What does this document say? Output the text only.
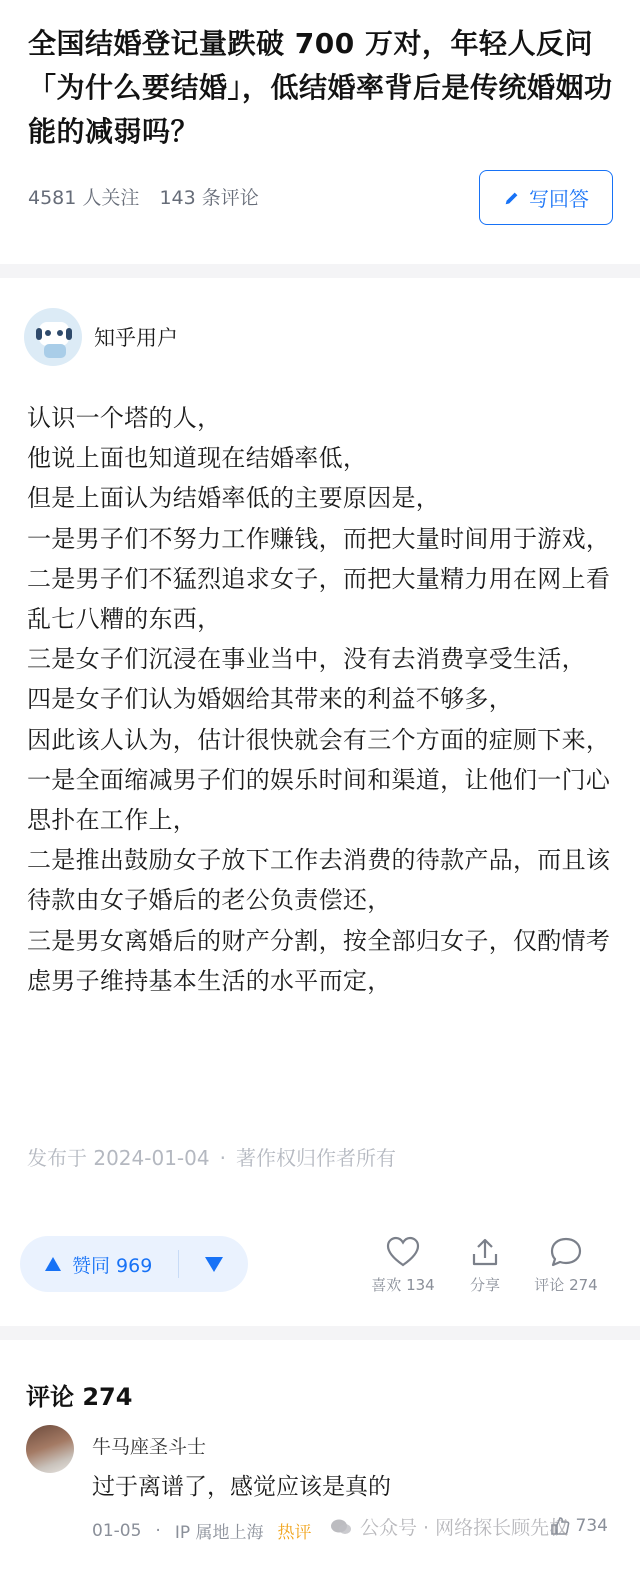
全国结婚登记量跌破 700 万对，年轻人反问「为什么要结婚」，低结婚率背后是传统婚姻功能的减弱吗？
4581 人关注 143 条评论	写回答
知乎用户

认识一个塔的人，

他说上面也知道现在结婚率低，

但是上面认为结婚率低的主要原因是，

一是男子们不努力工作赚钱，而把大量时间用于游戏，

二是男子们不猛烈追求女子，而把大量精力用在网上看乱七八糟的东西，

三是女子们沉浸在事业当中，没有去消费享受生活，

四是女子们认为婚姻给其带来的利益不够多，

因此该人认为，估计很快就会有三个方面的症厕下来，

一是全面缩减男子们的娱乐时间和渠道，让他们一门心思扑在工作上，

二是推出鼓励女子放下工作去消费的待款产品，而且该待款由女子婚后的老公负责偿还，

三是男女离婚后的财产分割，按全部归女子，仅酌情考虑男子维持基本生活的水平而定，

发布于 2024-01-04 · 著作权归作者所有
赞同 969
喜欢 134	分享	评论 274
评论 274
牛马座圣斗士
过于离谱了，感觉应该是真的
01-05 · IP 属地上海 热评	734
公众号 · 网络探长顾先权
